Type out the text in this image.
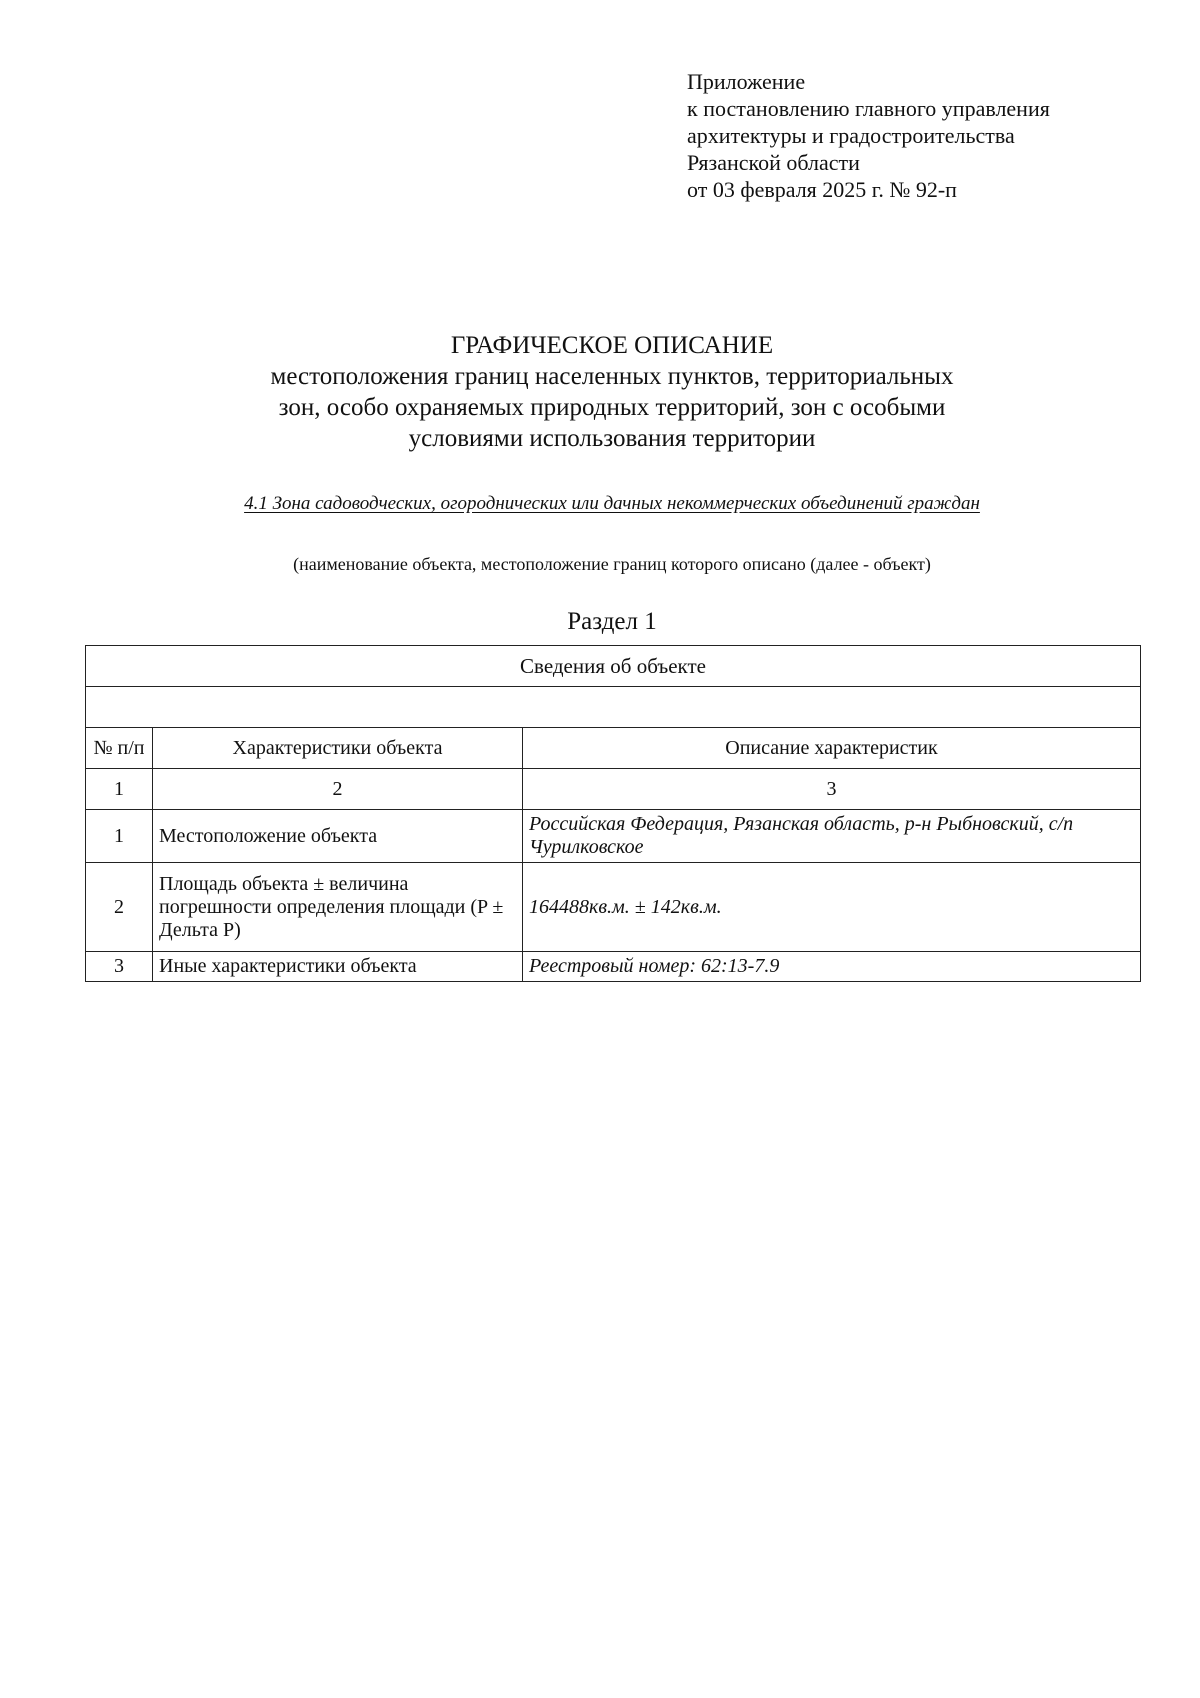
Приложение
к постановлению главного управления
архитектуры и градостроительства
Рязанской области
от 03 февраля 2025 г. № 92-п
ГРАФИЧЕСКОЕ ОПИСАНИЕ
местоположения границ населенных пунктов, территориальных
зон, особо охраняемых природных территорий, зон с особыми
условиями использования территории
4.1 Зона садоводческих, огороднических или дачных некоммерческих объединений граждан
(наименование объекта, местоположение границ которого описано (далее - объект)
Раздел 1
Сведения об объекте		

№ п/п	Характеристики объекта	Описание характеристик
1	2	3
1	Местоположение объекта	Российская Федерация, Рязанская область, р-н Рыбновский, с/п Чурилковское
2	Площадь объекта ± величина погрешности определения площади (P ± Дельта P)	164488кв.м. ± 142кв.м.
3	Иные характеристики объекта	Реестровый номер: 62:13-7.9
